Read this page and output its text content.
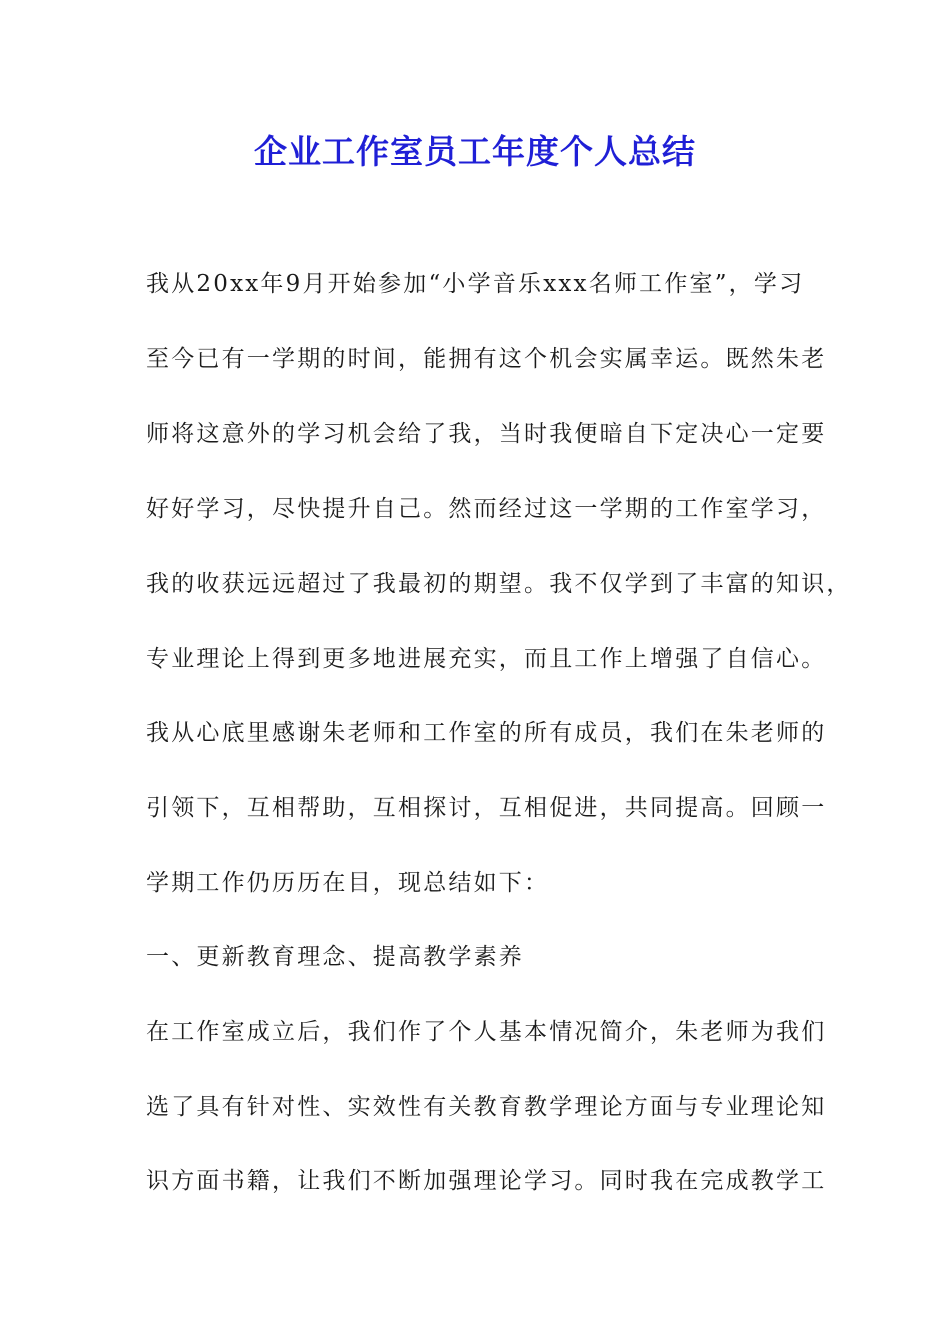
企业工作室员工年度个人总结
我从20xx年9月开始参加“小学音乐xxx名师工作室”，学习
至今已有一学期的时间，能拥有这个机会实属幸运。既然朱老
师将这意外的学习机会给了我，当时我便暗自下定决心一定要
好好学习，尽快提升自己。然而经过这一学期的工作室学习，
我的收获远远超过了我最初的期望。我不仅学到了丰富的知识，
专业理论上得到更多地进展充实，而且工作上增强了自信心。
我从心底里感谢朱老师和工作室的所有成员，我们在朱老师的
引领下，互相帮助，互相探讨，互相促进，共同提高。回顾一
学期工作仍历历在目，现总结如下：
一、更新教育理念、提高教学素养
在工作室成立后，我们作了个人基本情况简介，朱老师为我们
选了具有针对性、实效性有关教育教学理论方面与专业理论知
识方面书籍，让我们不断加强理论学习。同时我在完成教学工
